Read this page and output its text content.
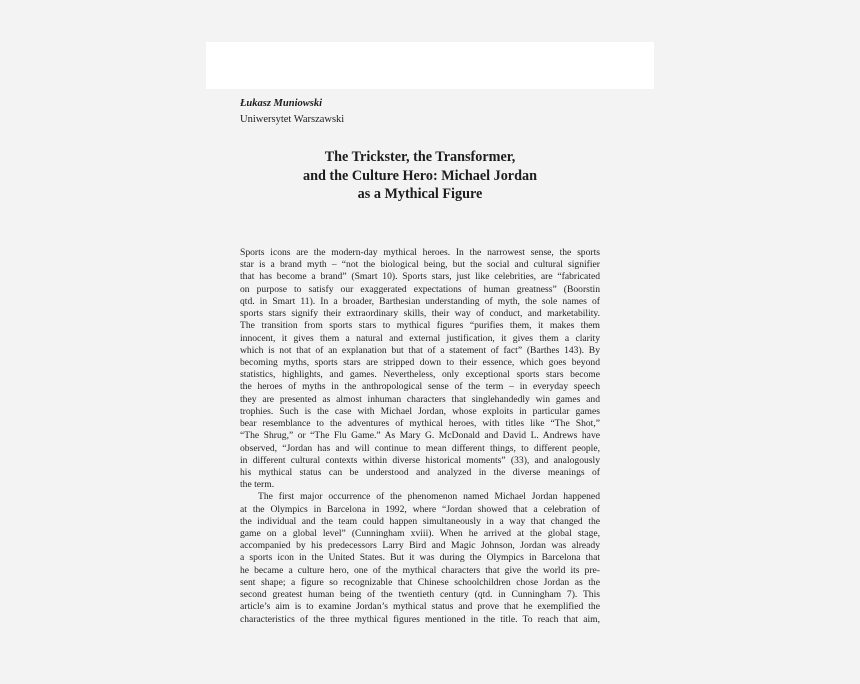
Łukasz Muniowski
Uniwersytet Warszawski
The Trickster, the Transformer,
and the Culture Hero: Michael Jordan
as a Mythical Figure
Sports icons are the modern-day mythical heroes. In the narrowest sense, the sports
star is a brand myth – “not the biological being, but the social and cultural signifier
that has become a brand” (Smart 10). Sports stars, just like celebrities, are “fabricated
on purpose to satisfy our exaggerated expectations of human greatness” (Boorstin
qtd. in Smart 11). In a broader, Barthesian understanding of myth, the sole names of
sports stars signify their extraordinary skills, their way of conduct, and marketability.
The transition from sports stars to mythical figures “purifies them, it makes them
innocent, it gives them a natural and external justification, it gives them a clarity
which is not that of an explanation but that of a statement of fact” (Barthes 143). By
becoming myths, sports stars are stripped down to their essence, which goes beyond
statistics, highlights, and games. Nevertheless, only exceptional sports stars become
the heroes of myths in the anthropological sense of the term – in everyday speech
they are presented as almost inhuman characters that singlehandedly win games and
trophies. Such is the case with Michael Jordan, whose exploits in particular games
bear resemblance to the adventures of mythical heroes, with titles like “The Shot,”
“The Shrug,” or “The Flu Game.” As Mary G. McDonald and David L. Andrews have
observed, “Jordan has and will continue to mean different things, to different people,
in different cultural contexts within diverse historical moments” (33), and analogously
his mythical status can be understood and analyzed in the diverse meanings of
the term.
The first major occurrence of the phenomenon named Michael Jordan happened
at the Olympics in Barcelona in 1992, where “Jordan showed that a celebration of
the individual and the team could happen simultaneously in a way that changed the
game on a global level” (Cunningham xviii). When he arrived at the global stage,
accompanied by his predecessors Larry Bird and Magic Johnson, Jordan was already
a sports icon in the United States. But it was during the Olympics in Barcelona that
he became a culture hero, one of the mythical characters that give the world its pre-
sent shape; a figure so recognizable that Chinese schoolchildren chose Jordan as the
second greatest human being of the twentieth century (qtd. in Cunningham 7). This
article’s aim is to examine Jordan’s mythical status and prove that he exemplified the
characteristics of the three mythical figures mentioned in the title. To reach that aim,
